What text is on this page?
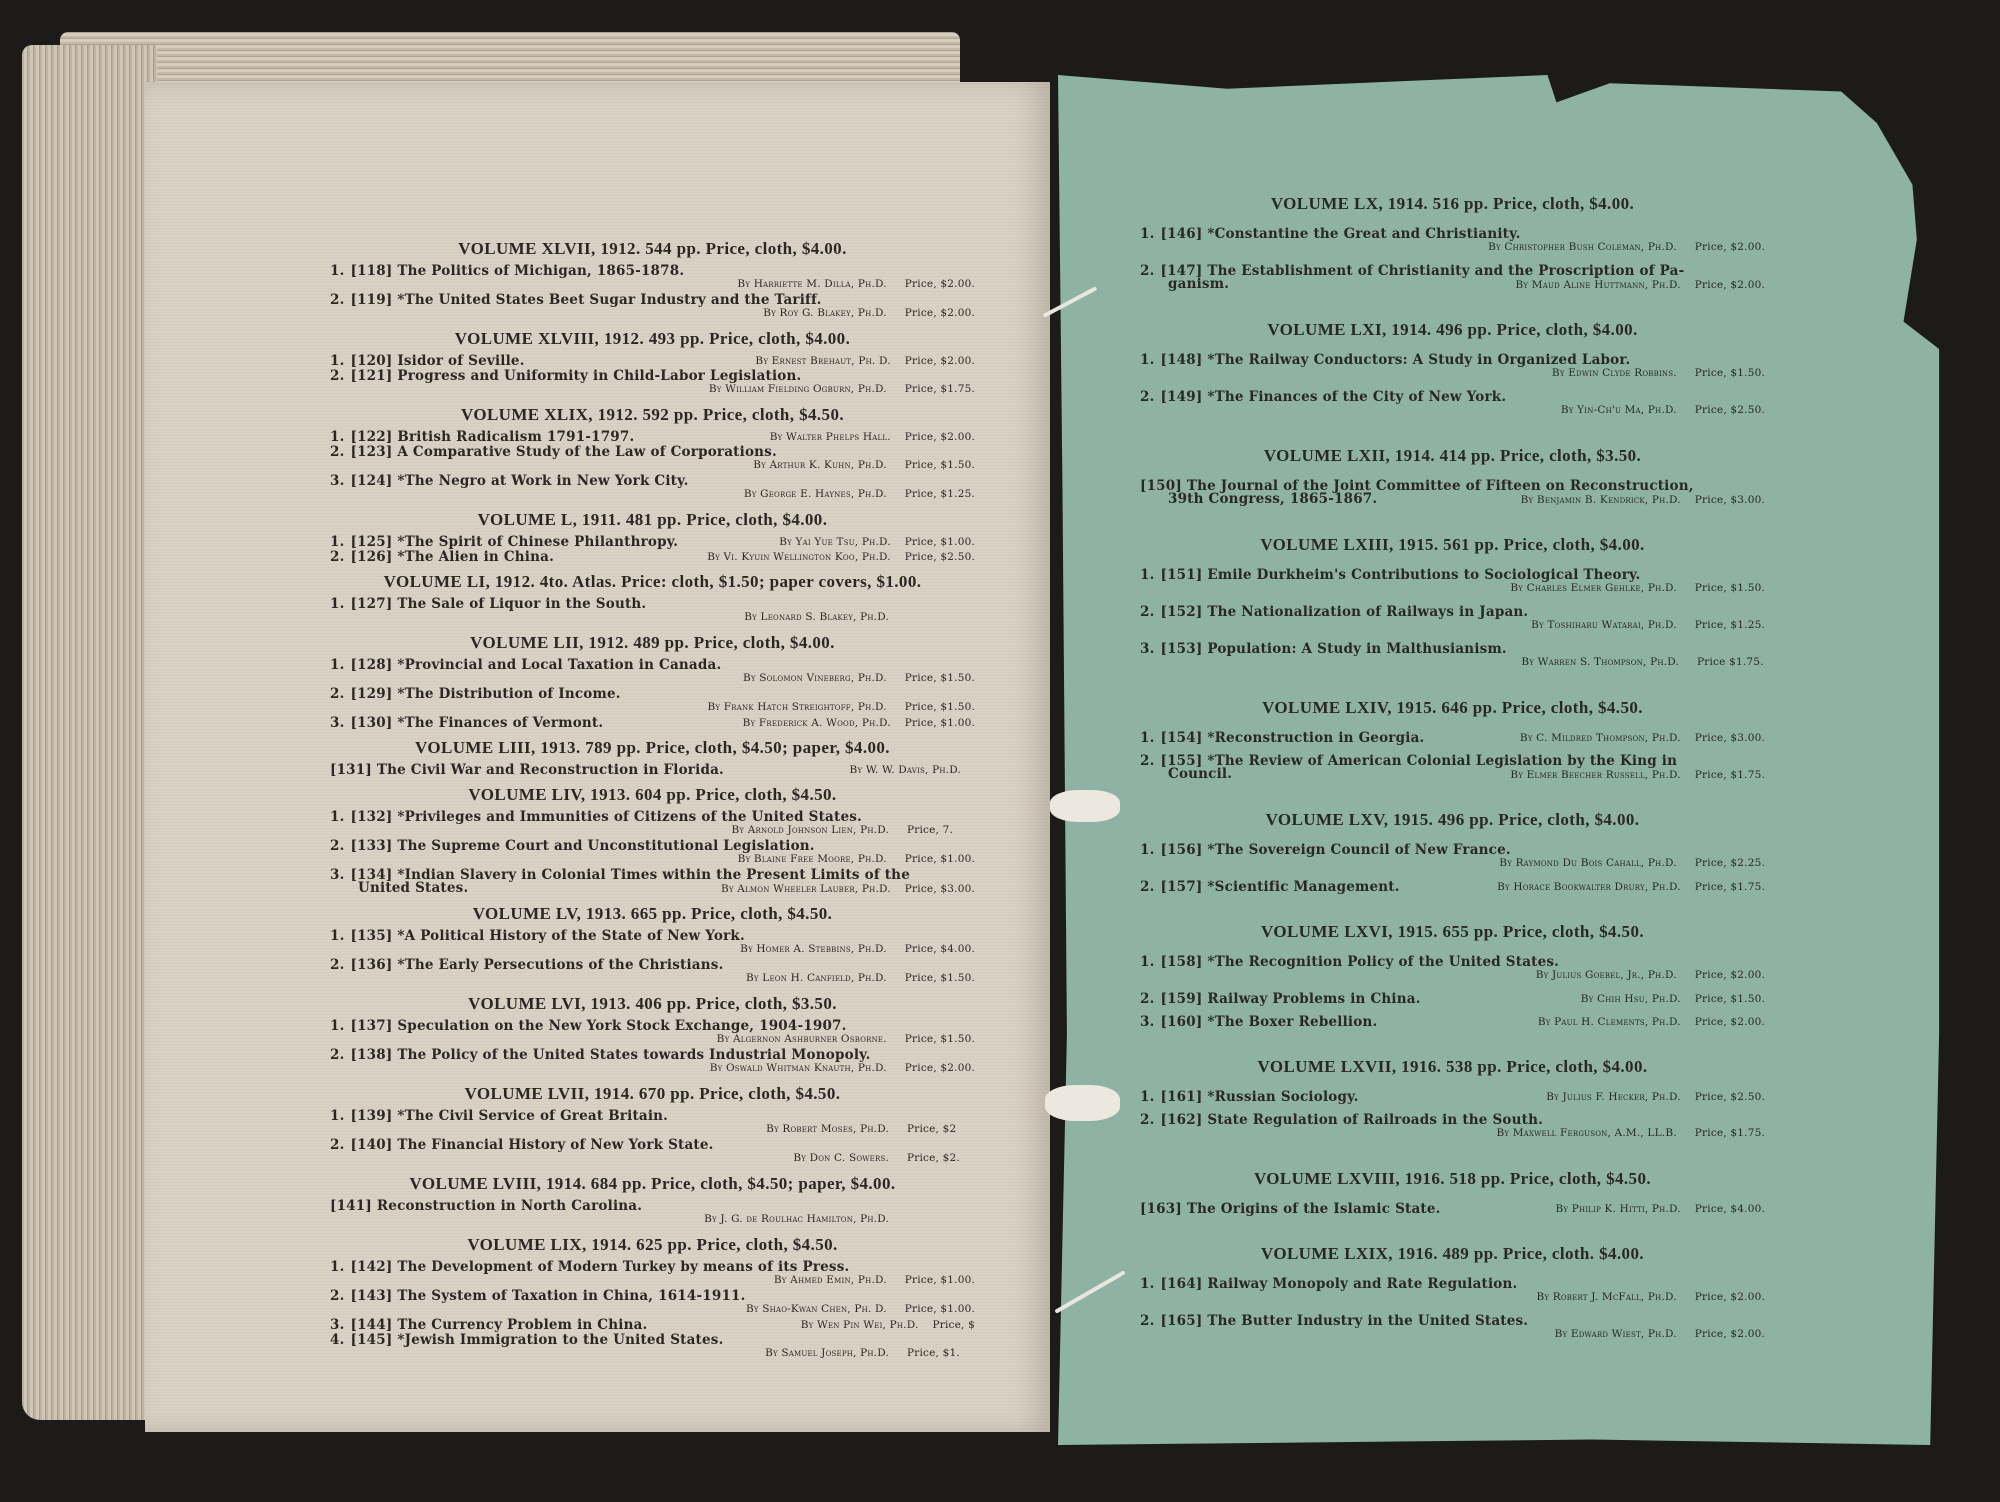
VOLUME XLVII, 1912. 544 pp. Price, cloth, $4.00.
1. [118] The Politics of Michigan, 1865-1878.
By Harriette M. Dilla, Ph.D. Price, $2.00.
2. [119] *The United States Beet Sugar Industry and the Tariff.
By Roy G. Blakey, Ph.D. Price, $2.00.
VOLUME XLVIII, 1912. 493 pp. Price, cloth, $4.00.
1. [120] Isidor of Seville.	By Ernest Brehaut, Ph. D. Price, $2.00.
2. [121] Progress and Uniformity in Child-Labor Legislation.
By William Fielding Ogburn, Ph.D. Price, $1.75.
VOLUME XLIX, 1912. 592 pp. Price, cloth, $4.50.
1. [122] British Radicalism 1791-1797.	By Walter Phelps Hall. Price, $2.00.
2. [123] A Comparative Study of the Law of Corporations.
By Arthur K. Kuhn, Ph.D. Price, $1.50.
3. [124] *The Negro at Work in New York City.
By George E. Haynes, Ph.D. Price, $1.25.
VOLUME L, 1911. 481 pp. Price, cloth, $4.00.
1. [125] *The Spirit of Chinese Philanthropy.	By Yai Yue Tsu, Ph.D. Price, $1.00.
2. [126] *The Alien in China.	By Vi. Kyuin Wellington Koo, Ph.D. Price, $2.50.
VOLUME LI, 1912. 4to. Atlas. Price: cloth, $1.50; paper covers, $1.00.
1. [127] The Sale of Liquor in the South.
By Leonard S. Blakey, Ph.D.
VOLUME LII, 1912. 489 pp. Price, cloth, $4.00.
1. [128] *Provincial and Local Taxation in Canada.
By Solomon Vineberg, Ph.D. Price, $1.50.
2. [129] *The Distribution of Income.
By Frank Hatch Streightoff, Ph.D. Price, $1.50.
3. [130] *The Finances of Vermont.	By Frederick A. Wood, Ph.D. Price, $1.00.
VOLUME LIII, 1913. 789 pp. Price, cloth, $4.50; paper, $4.00.
[131] The Civil War and Reconstruction in Florida.	By W. W. Davis, Ph.D.
VOLUME LIV, 1913. 604 pp. Price, cloth, $4.50.
1. [132] *Privileges and Immunities of Citizens of the United States.
By Arnold Johnson Lien, Ph.D. Price, 7.
2. [133] The Supreme Court and Unconstitutional Legislation.
By Blaine Free Moore, Ph.D. Price, $1.00.
3. [134] *Indian Slavery in Colonial Times within the Present Limits of the
United States.	By Almon Wheeler Lauber, Ph.D. Price, $3.00.
VOLUME LV, 1913. 665 pp. Price, cloth, $4.50.
1. [135] *A Political History of the State of New York.
By Homer A. Stebbins, Ph.D. Price, $4.00.
2. [136] *The Early Persecutions of the Christians.
By Leon H. Canfield, Ph.D. Price, $1.50.
VOLUME LVI, 1913. 406 pp. Price, cloth, $3.50.
1. [137] Speculation on the New York Stock Exchange, 1904-1907.
By Algernon Ashburner Osborne. Price, $1.50.
2. [138] The Policy of the United States towards Industrial Monopoly.
By Oswald Whitman Knauth, Ph.D. Price, $2.00.
VOLUME LVII, 1914. 670 pp. Price, cloth, $4.50.
1. [139] *The Civil Service of Great Britain.
By Robert Moses, Ph.D. Price, $2
2. [140] The Financial History of New York State.
By Don C. Sowers. Price, $2.
VOLUME LVIII, 1914. 684 pp. Price, cloth, $4.50; paper, $4.00.
[141] Reconstruction in North Carolina.
By J. G. de Roulhac Hamilton, Ph.D.
VOLUME LIX, 1914. 625 pp. Price, cloth, $4.50.
1. [142] The Development of Modern Turkey by means of its Press.
By Ahmed Emin, Ph.D. Price, $1.00.
2. [143] The System of Taxation in China, 1614-1911.
By Shao-Kwan Chen, Ph. D. Price, $1.00.
3. [144] The Currency Problem in China.	By Wen Pin Wei, Ph.D. Price, $
4. [145] *Jewish Immigration to the United States.
By Samuel Joseph, Ph.D. Price, $1.
VOLUME LX, 1914. 516 pp. Price, cloth, $4.00.
1. [146] *Constantine the Great and Christianity.
By Christopher Bush Coleman, Ph.D. Price, $2.00.
2. [147] The Establishment of Christianity and the Proscription of Pa-
ganism.	By Maud Aline Huttmann, Ph.D. Price, $2.00.
VOLUME LXI, 1914. 496 pp. Price, cloth, $4.00.
1. [148] *The Railway Conductors: A Study in Organized Labor.
By Edwin Clyde Robbins. Price, $1.50.
2. [149] *The Finances of the City of New York.
By Yin-Ch'u Ma, Ph.D. Price, $2.50.
VOLUME LXII, 1914. 414 pp. Price, cloth, $3.50.
[150] The Journal of the Joint Committee of Fifteen on Reconstruction,
39th Congress, 1865-1867.	By Benjamin B. Kendrick, Ph.D. Price, $3.00.
VOLUME LXIII, 1915. 561 pp. Price, cloth, $4.00.
1. [151] Emile Durkheim's Contributions to Sociological Theory.
By Charles Elmer Gehlke, Ph.D. Price, $1.50.
2. [152] The Nationalization of Railways in Japan.
By Toshiharu Watarai, Ph.D. Price, $1.25.
3. [153] Population: A Study in Malthusianism.
By Warren S. Thompson, Ph.D. Price $1.75.
VOLUME LXIV, 1915. 646 pp. Price, cloth, $4.50.
1. [154] *Reconstruction in Georgia.	By C. Mildred Thompson, Ph.D. Price, $3.00.
2. [155] *The Review of American Colonial Legislation by the King in
Council.	By Elmer Beecher Russell, Ph.D. Price, $1.75.
VOLUME LXV, 1915. 496 pp. Price, cloth, $4.00.
1. [156] *The Sovereign Council of New France.
By Raymond Du Bois Cahall, Ph.D. Price, $2.25.
2. [157] *Scientific Management.	By Horace Bookwalter Drury, Ph.D. Price, $1.75.
VOLUME LXVI, 1915. 655 pp. Price, cloth, $4.50.
1. [158] *The Recognition Policy of the United States.
By Julius Goebel, Jr., Ph.D. Price, $2.00.
2. [159] Railway Problems in China.	By Chih Hsu, Ph.D. Price, $1.50.
3. [160] *The Boxer Rebellion.	By Paul H. Clements, Ph.D. Price, $2.00.
VOLUME LXVII, 1916. 538 pp. Price, cloth, $4.00.
1. [161] *Russian Sociology.	By Julius F. Hecker, Ph.D. Price, $2.50.
2. [162] State Regulation of Railroads in the South.
By Maxwell Ferguson, A.M., LL.B. Price, $1.75.
VOLUME LXVIII, 1916. 518 pp. Price, cloth, $4.50.
[163] The Origins of the Islamic State.	By Philip K. Hitti, Ph.D. Price, $4.00.
VOLUME LXIX, 1916. 489 pp. Price, cloth. $4.00.
1. [164] Railway Monopoly and Rate Regulation.
By Robert J. McFall, Ph.D. Price, $2.00.
2. [165] The Butter Industry in the United States.
By Edward Wiest, Ph.D. Price, $2.00.
